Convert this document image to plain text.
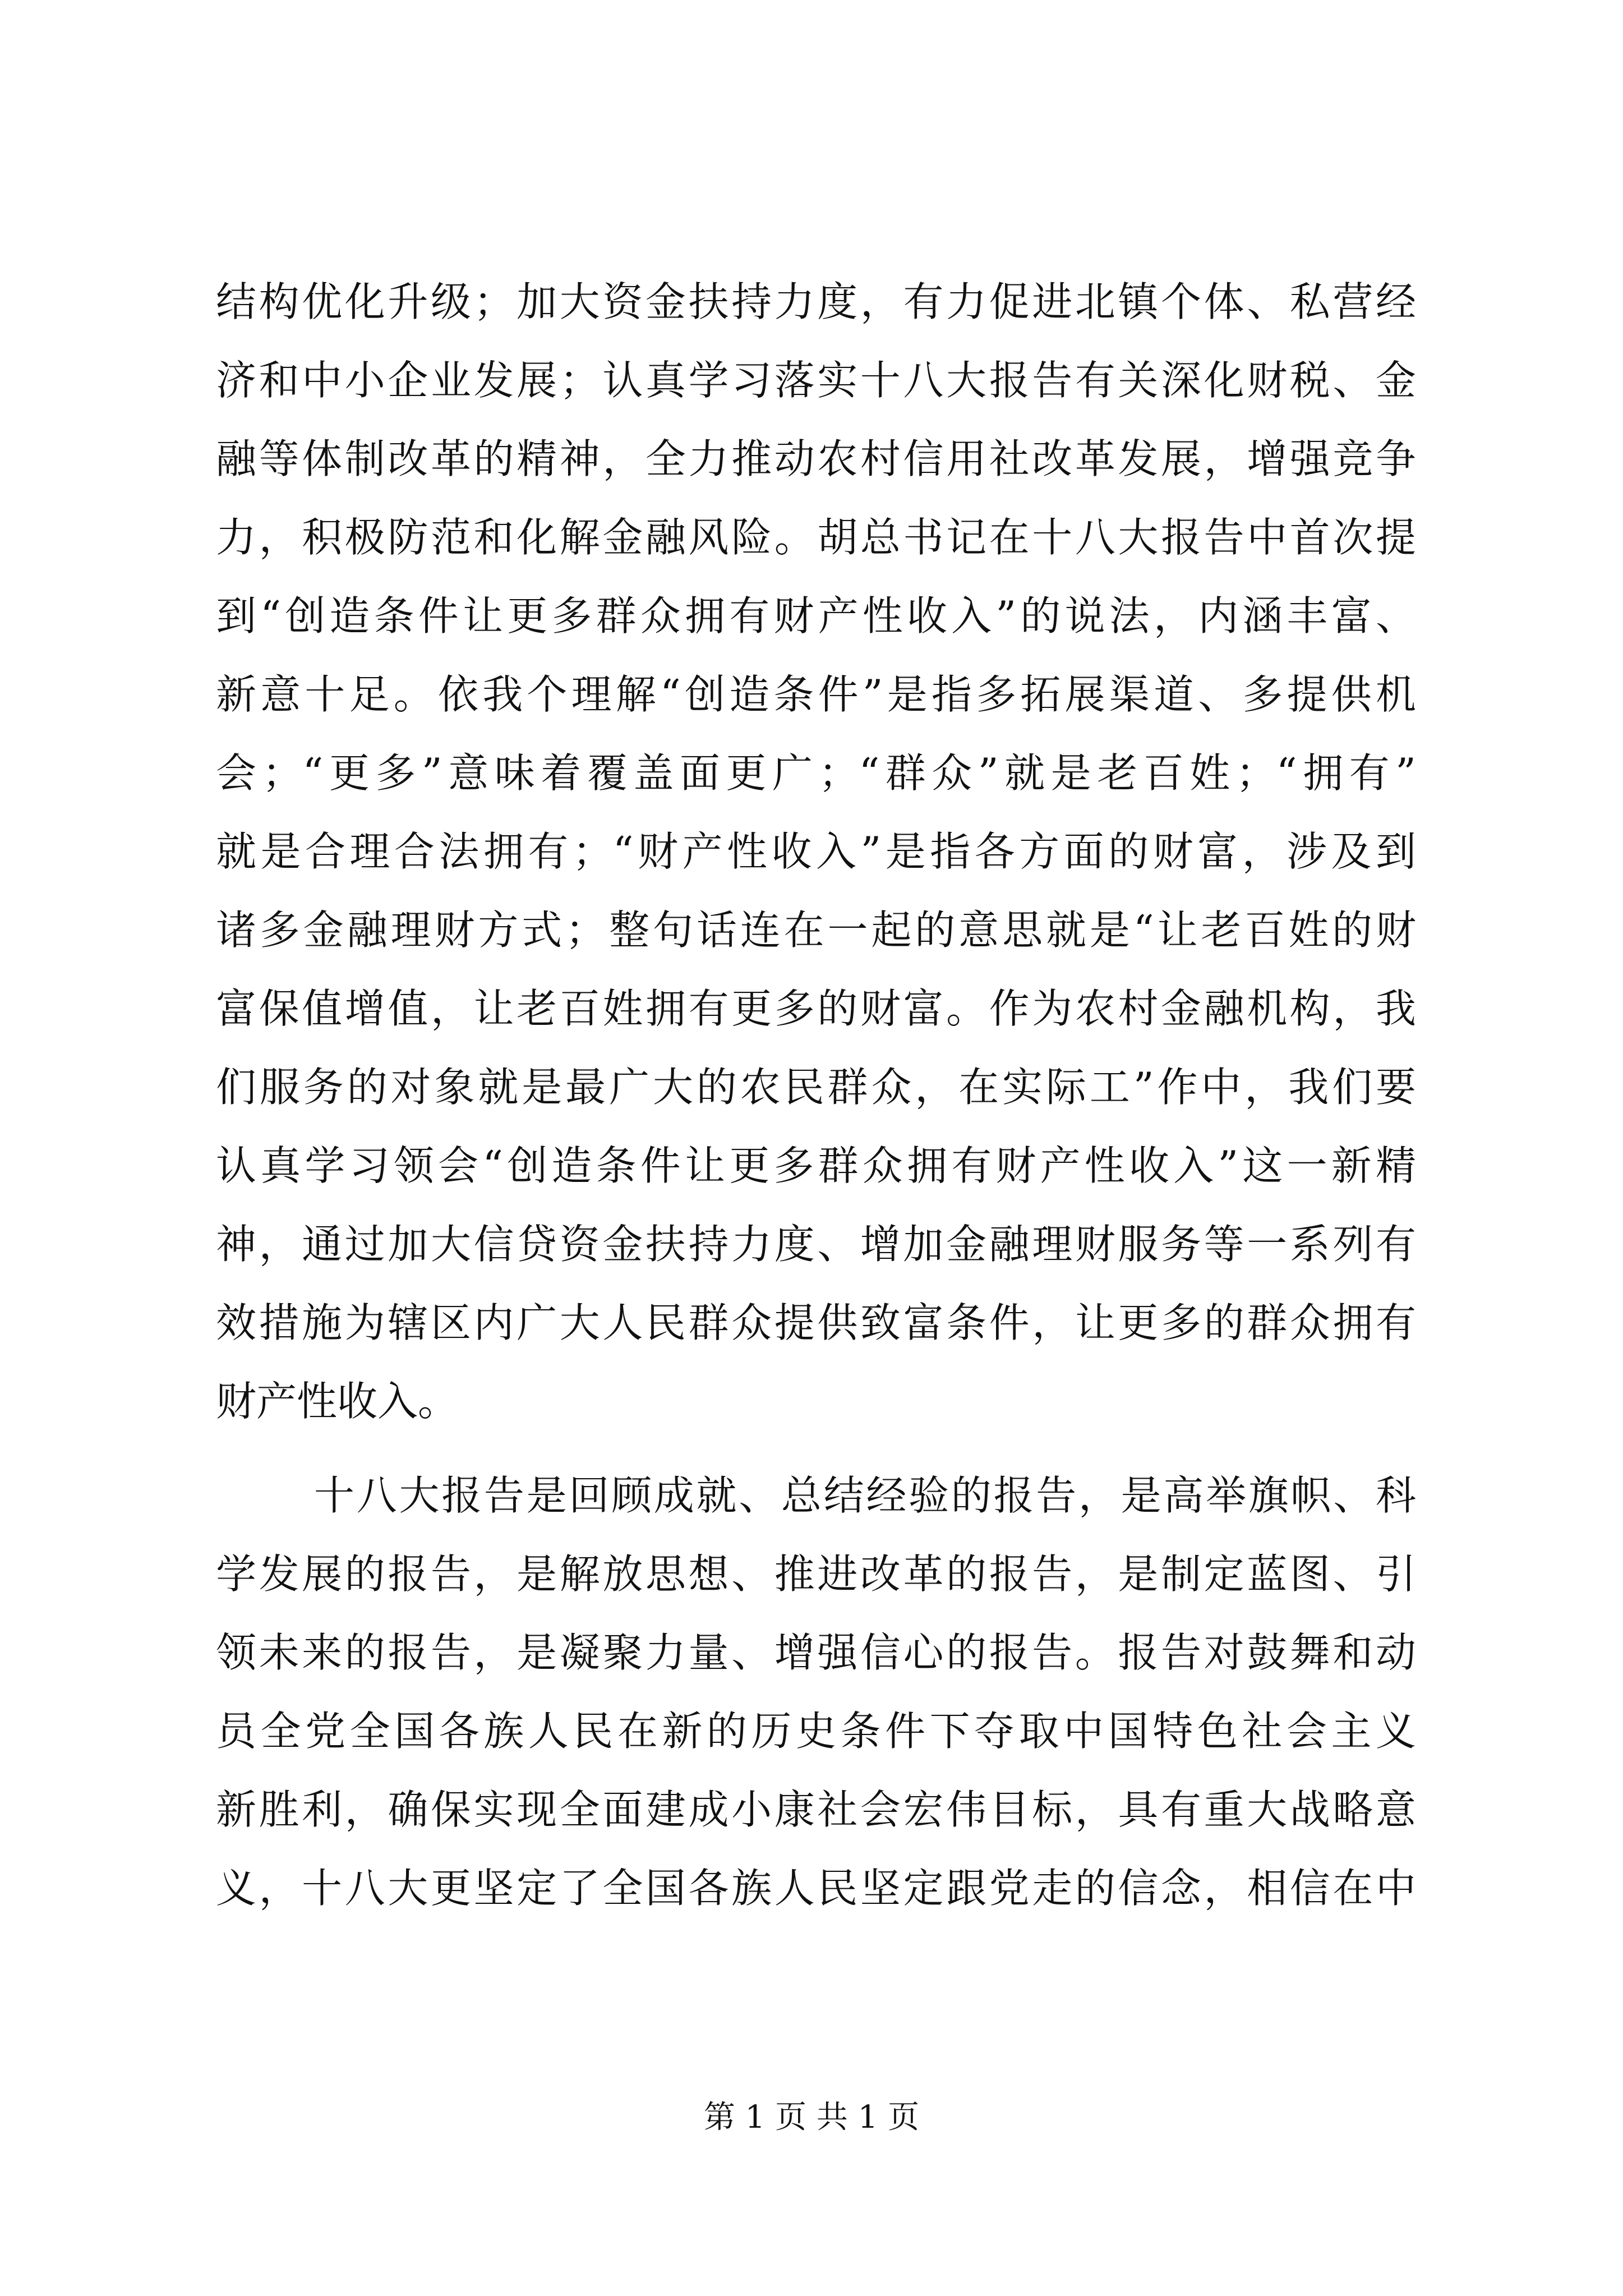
结构优化升级；加大资金扶持力度，有力促进北镇个体、私营经
济和中小企业发展；认真学习落实十八大报告有关深化财税、金
融等体制改革的精神，全力推动农村信用社改革发展，增强竞争
力，积极防范和化解金融风险。胡总书记在十八大报告中首次提
到“创造条件让更多群众拥有财产性收入”的说法，内涵丰富、
新意十足。依我个理解“创造条件”是指多拓展渠道、多提供机
会；“更多”意味着覆盖面更广；“群众”就是老百姓；“拥有”
就是合理合法拥有；“财产性收入”是指各方面的财富，涉及到
诸多金融理财方式；整句话连在一起的意思就是“让老百姓的财
富保值增值，让老百姓拥有更多的财富。作为农村金融机构，我
们服务的对象就是最广大的农民群众，在实际工”作中，我们要
认真学习领会“创造条件让更多群众拥有财产性收入”这一新精
神，通过加大信贷资金扶持力度、增加金融理财服务等一系列有
效措施为辖区内广大人民群众提供致富条件，让更多的群众拥有
财产性收入。
十八大报告是回顾成就、总结经验的报告，是高举旗帜、科
学发展的报告，是解放思想、推进改革的报告，是制定蓝图、引
领未来的报告，是凝聚力量、增强信心的报告。报告对鼓舞和动
员全党全国各族人民在新的历史条件下夺取中国特色社会主义
新胜利，确保实现全面建成小康社会宏伟目标，具有重大战略意
义，十八大更坚定了全国各族人民坚定跟党走的信念，相信在中
第 1 页 共 1 页
